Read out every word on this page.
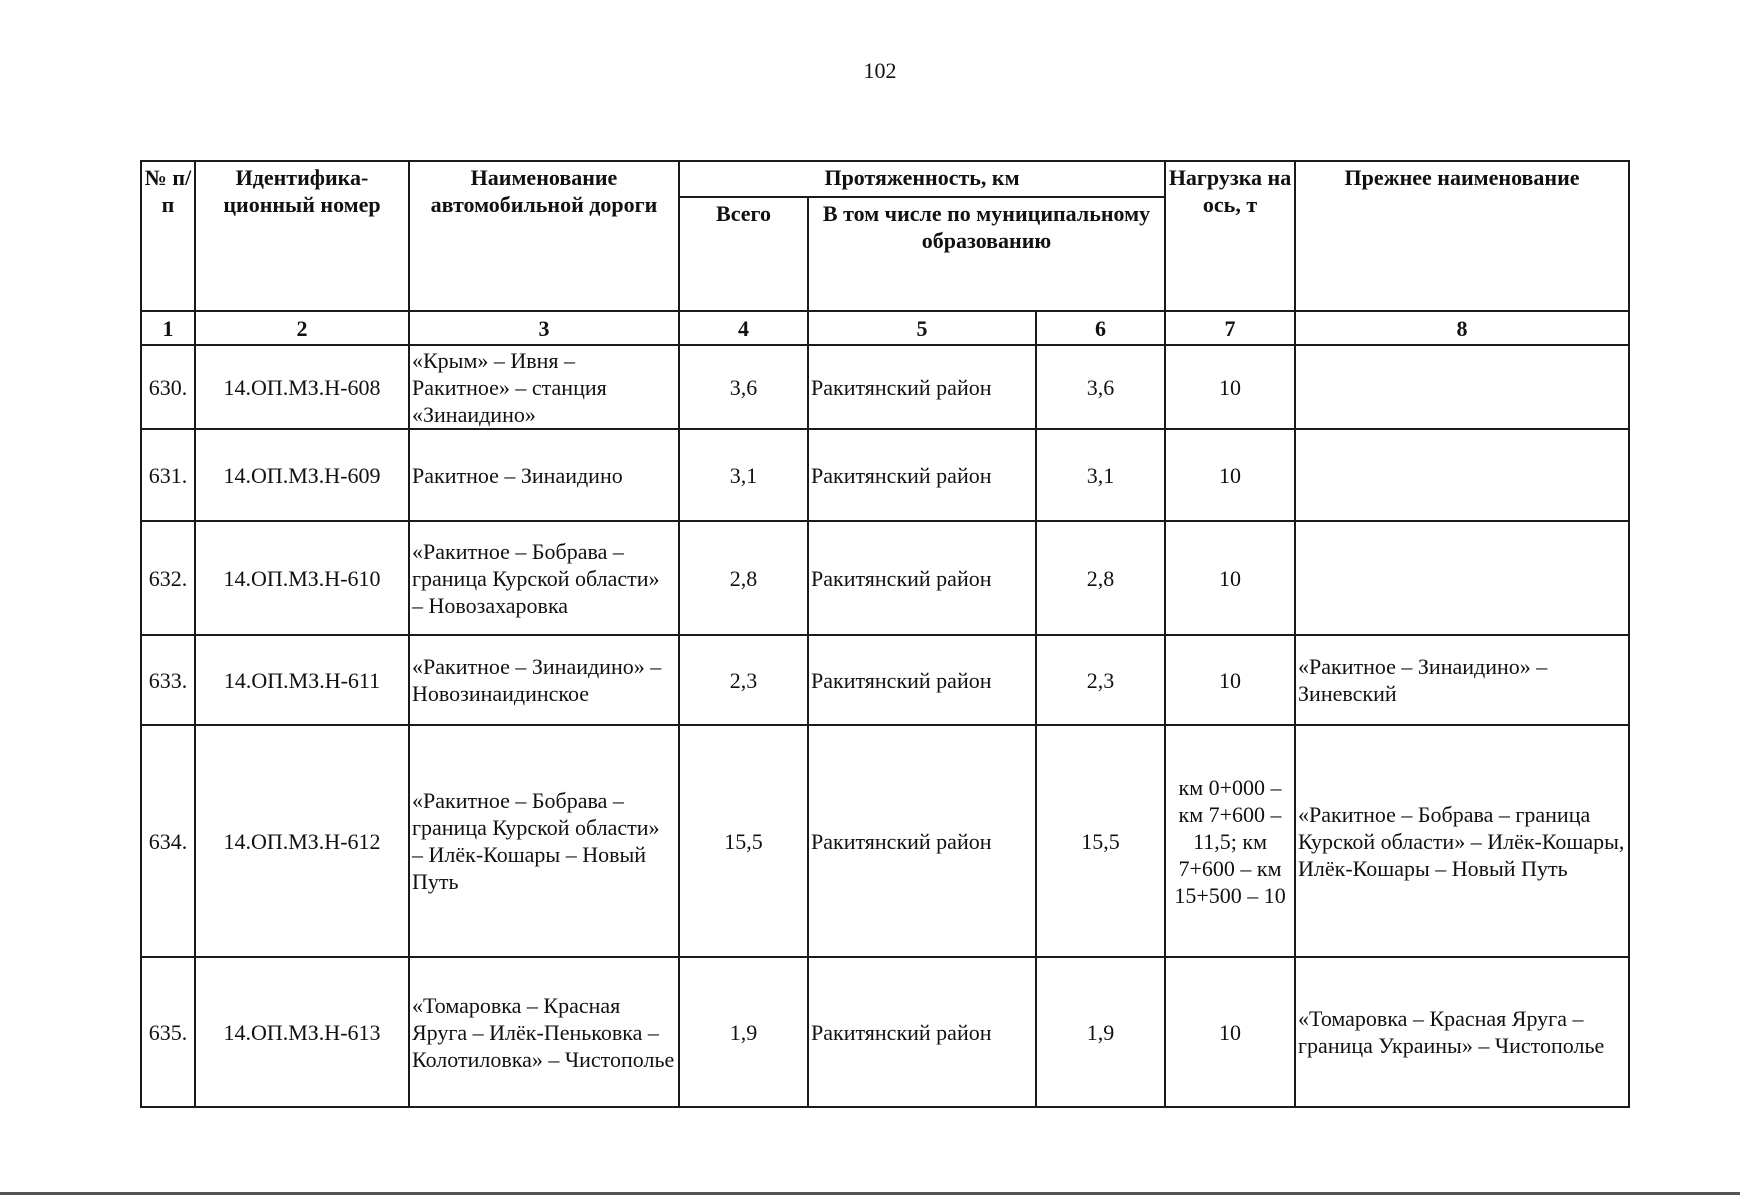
102
№ п/п	Идентифика-ционный номер	Наименование автомобильной дороги	Протяженность, км			Нагрузка на ось, т	Прежнее наименование
			Всего	В том числе по муниципальному образованию			
1	2	3	4	5	6	7	8
630.	14.ОП.МЗ.Н-608	«Крым» – Ивня – Ракитное» – станция «Зинаидино»	3,6	Ракитянский район	3,6	10	
631.	14.ОП.МЗ.Н-609	Ракитное – Зинаидино	3,1	Ракитянский район	3,1	10	
632.	14.ОП.МЗ.Н-610	«Ракитное – Бобрава – граница Курской области» – Новозахаровка	2,8	Ракитянский район	2,8	10	
633.	14.ОП.МЗ.Н-611	«Ракитное – Зинаидино» – Новозинаидинское	2,3	Ракитянский район	2,3	10	«Ракитное – Зинаидино» – Зиневский
634.	14.ОП.МЗ.Н-612	«Ракитное – Бобрава – граница Курской области» – Илёк-Кошары – Новый Путь	15,5	Ракитянский район	15,5	км 0+000 – км 7+600 – 11,5; км 7+600 – км 15+500 – 10	«Ракитное – Бобрава – граница Курской области» – Илёк-Кошары, Илёк-Кошары – Новый Путь
635.	14.ОП.МЗ.Н-613	«Томаровка – Красная Яруга – Илёк-Пеньковка – Колотиловка» – Чистополье	1,9	Ракитянский район	1,9	10	«Томаровка – Красная Яруга – граница Украины» – Чистополье
